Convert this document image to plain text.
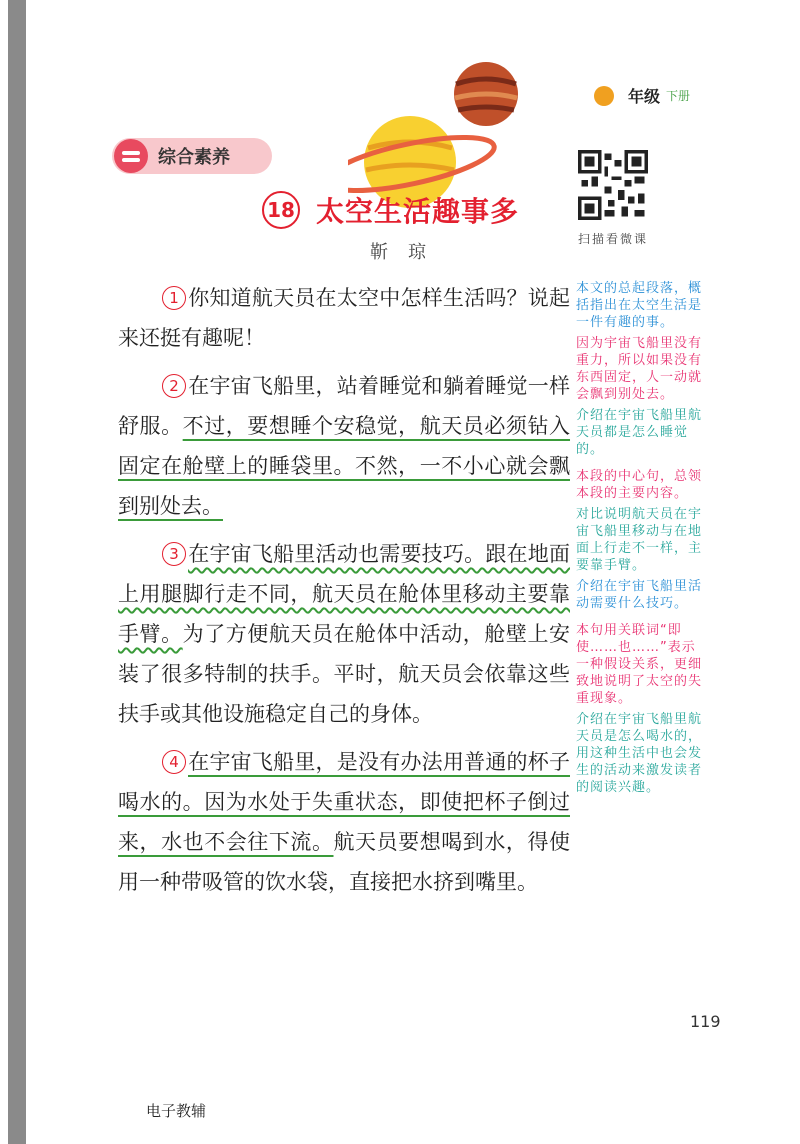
年级 下册
综合素养
18 太空生活趣事多
靳琼
扫描看微课

1 你知道航天员在太空中怎样生活吗？说起来还挺有趣呢！

2 在宇宙飞船里，站着睡觉和躺着睡觉一样舒服。不过，要想睡个安稳觉，航天员必须钻入固定在舱壁上的睡袋里。不然，一不小心就会飘到别处去。

3 在宇宙飞船里活动也需要技巧。跟在地面上用腿脚行走不同，航天员在舱体里移动主要靠手臂。为了方便航天员在舱体中活动，舱壁上安装了很多特制的扶手。平时，航天员会依靠这些扶手或其他设施稳定自己的身体。

4 在宇宙飞船里，是没有办法用普通的杯子喝水的。因为水处于失重状态，即使把杯子倒过来，水也不会往下流。航天员要想喝到水，得使用一种带吸管的饮水袋，直接把水挤到嘴里。

本文的总起段落，概括指出在太空生活是一件有趣的事。

因为宇宙飞船里没有重力，所以如果没有东西固定，人一动就会飘到别处去。

介绍在宇宙飞船里航天员都是怎么睡觉的。

本段的中心句，总领本段的主要内容。

对比说明航天员在宇宙飞船里移动与在地面上行走不一样，主要靠手臂。

介绍在宇宙飞船里活动需要什么技巧。

本句用关联词“即使……也……”表示一种假设关系，更细致地说明了太空的失重现象。

介绍在宇宙飞船里航天员是怎么喝水的，用这种生活中也会发生的活动来激发读者的阅读兴趣。

119
电子教辅
